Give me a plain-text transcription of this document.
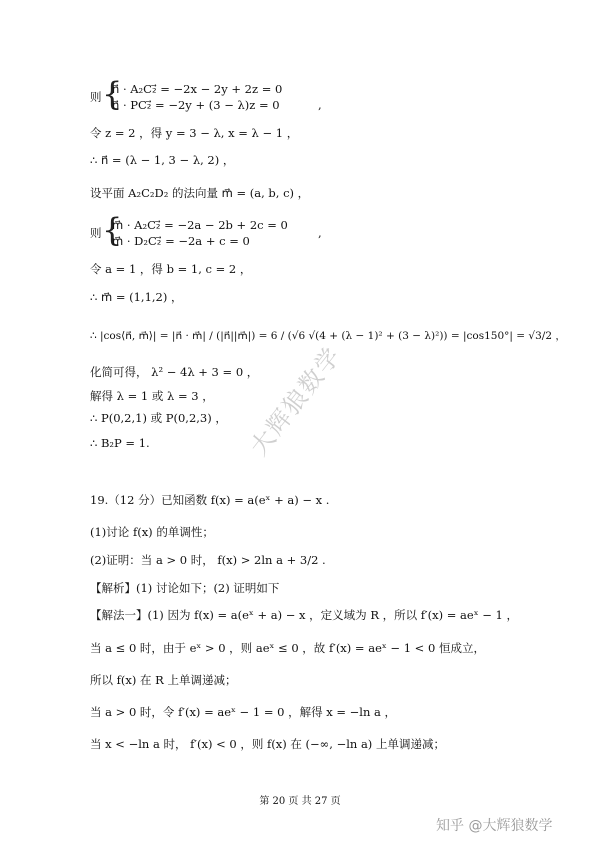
则 {
n⃗ · A₂C₂⃗ = −2x − 2y + 2z = 0
n⃗ · PC₂⃗ = −2y + (3 − λ)z = 0	,
令 z = 2 ，得 y = 3 − λ, x = λ − 1 ，
∴ n⃗ = (λ − 1, 3 − λ, 2) ，
设平面 A₂C₂D₂ 的法向量 m⃗ = (a, b, c) ，
则 {
m⃗ · A₂C₂⃗ = −2a − 2b + 2c = 0
m⃗ · D₂C₂⃗ = −2a + c = 0
,
令 a = 1 ，得 b = 1, c = 2 ，
∴ m⃗ = (1,1,2) ，
∴ |cos⟨n⃗, m⃗⟩| = |n⃗ · m⃗| / (|n⃗||m⃗|) = 6 / (√6 √(4 + (λ − 1)² + (3 − λ)²)) = |cos150°| = √3/2 ，
化简可得， λ² − 4λ + 3 = 0 ，
解得 λ = 1 或 λ = 3 ，
∴ P(0,2,1) 或 P(0,2,3) ，
∴ B₂P = 1.
19.（12 分）已知函数 f(x) = a(eˣ + a) − x .
(1)讨论 f(x) 的单调性；
(2)证明：当 a > 0 时， f(x) > 2ln a + 3/2 .
【解析】(1) 讨论如下；(2) 证明如下
【解法一】(1) 因为 f(x) = a(eˣ + a) − x ，定义域为 R ，所以 f′(x) = aeˣ − 1 ，
当 a ≤ 0 时，由于 eˣ > 0 ，则 aeˣ ≤ 0 ，故 f′(x) = aeˣ − 1 < 0 恒成立，
所以 f(x) 在 R 上单调递减；
当 a > 0 时，令 f′(x) = aeˣ − 1 = 0 ，解得 x = −ln a ，
当 x < −ln a 时， f′(x) < 0 ，则 f(x) 在 (−∞, −ln a) 上单调递减；
第 20 页 共 27 页
大辉狼数学
知乎 @大辉狼数学
